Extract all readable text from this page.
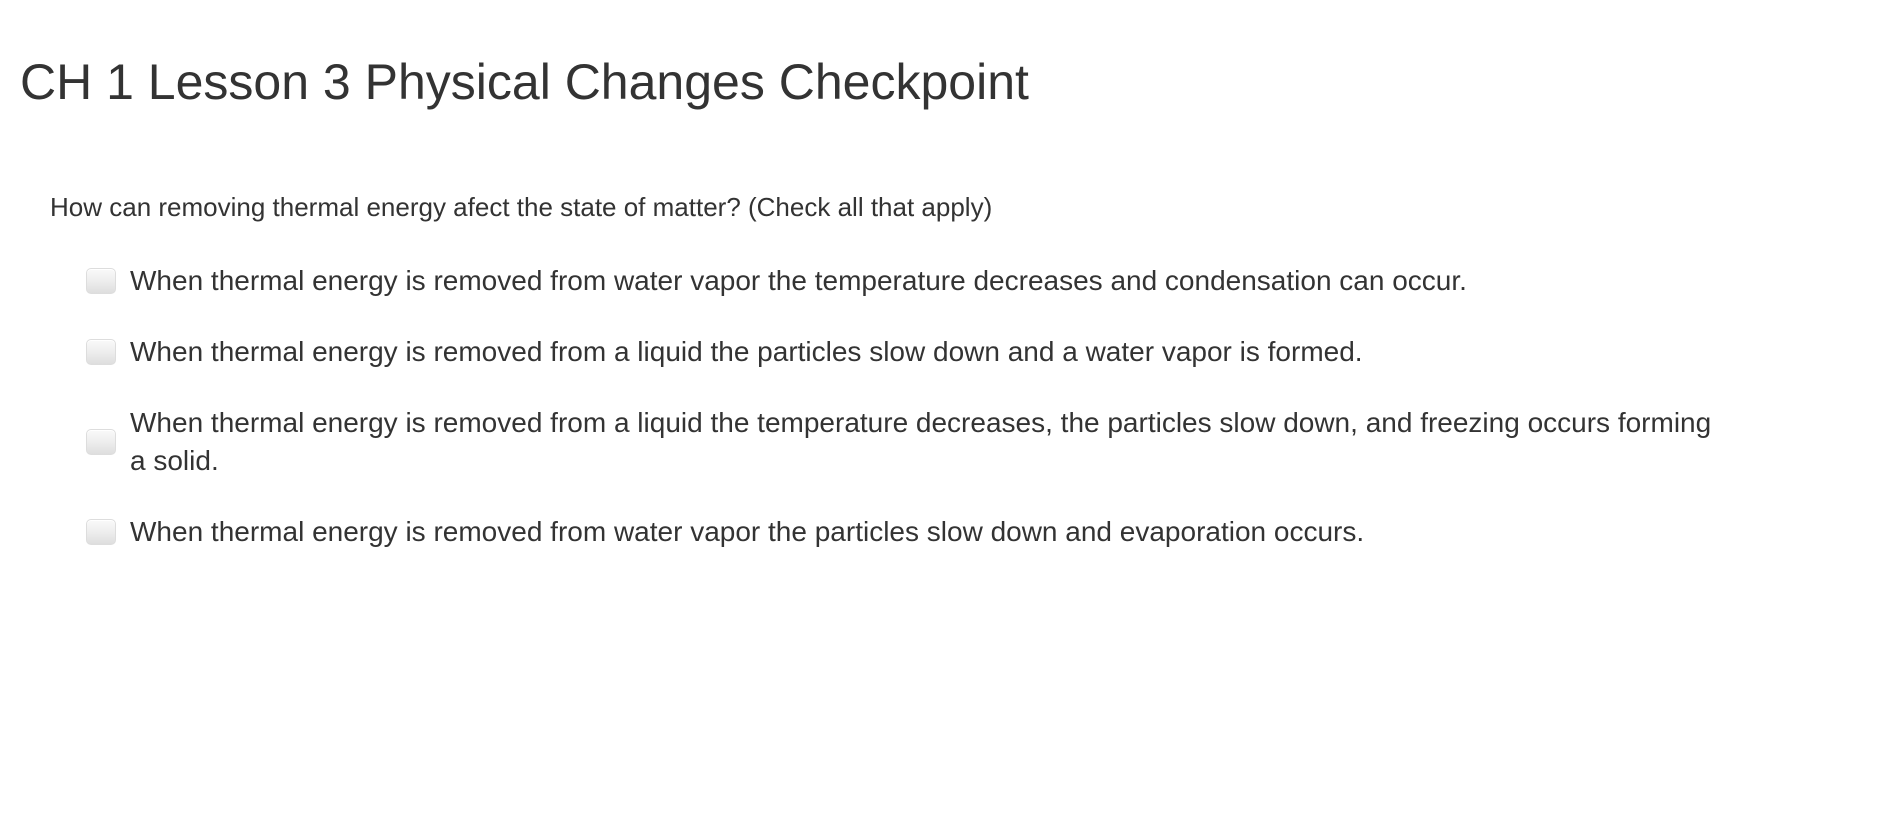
CH 1 Lesson 3 Physical Changes Checkpoint

How can removing thermal energy afect the state of matter? (Check all that apply)

When thermal energy is removed from water vapor the temperature decreases and condensation can occur.
When thermal energy is removed from a liquid the particles slow down and a water vapor is formed.
When thermal energy is removed from a liquid the temperature decreases, the particles slow down, and freezing occurs forming a solid.
When thermal energy is removed from water vapor the particles slow down and evaporation occurs.
